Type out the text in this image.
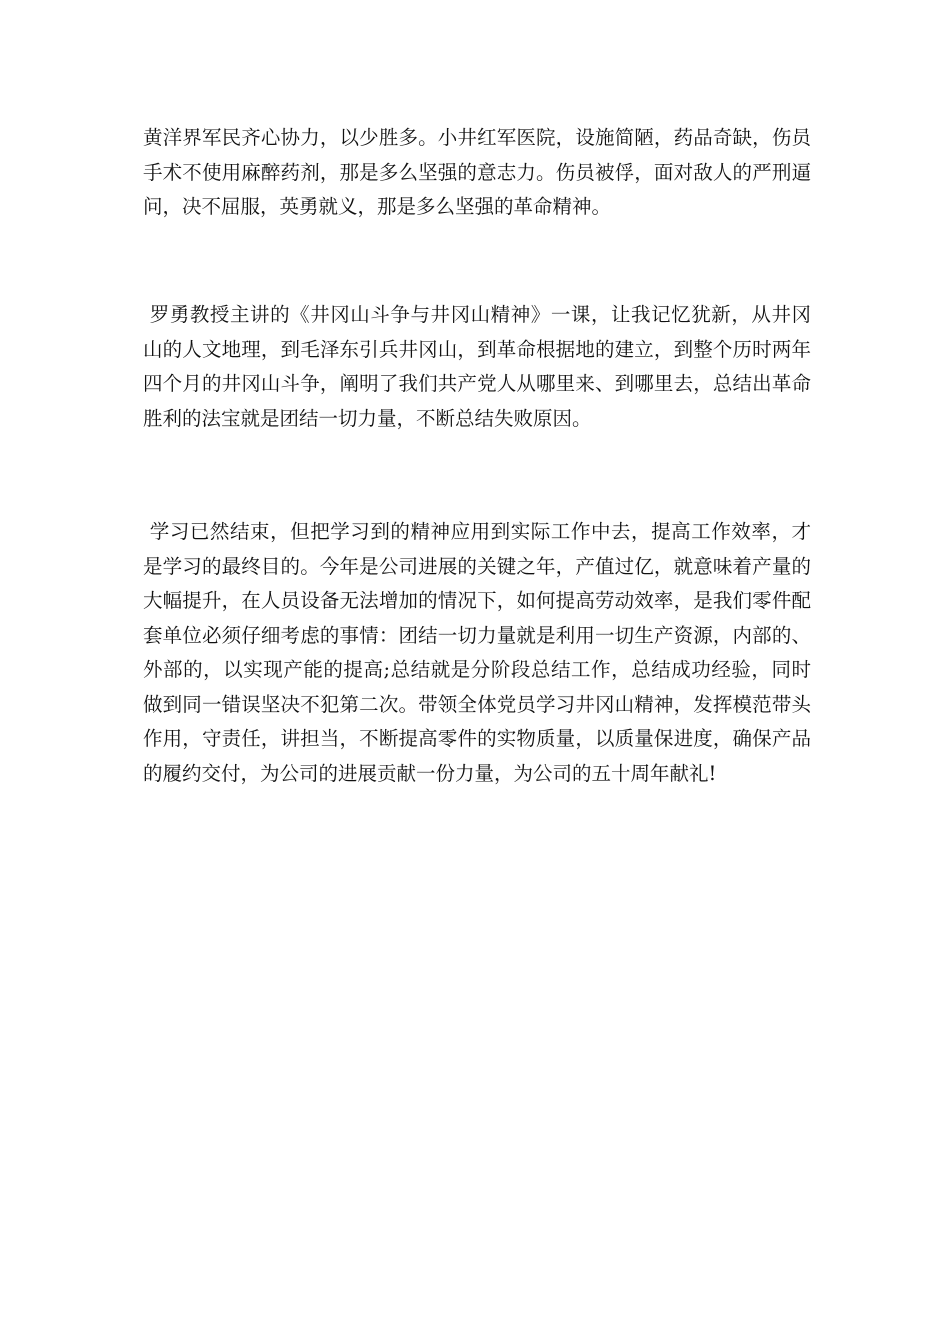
黄洋界军民齐心协力，以少胜多。小井红军医院，设施简陋，药品奇缺，伤员手术不使用麻醉药剂，那是多么坚强的意志力。伤员被俘，面对敌人的严刑逼问，决不屈服，英勇就义，那是多么坚强的革命精神。

罗勇教授主讲的《井冈山斗争与井冈山精神》一课，让我记忆犹新，从井冈山的人文地理，到毛泽东引兵井冈山，到革命根据地的建立，到整个历时两年四个月的井冈山斗争，阐明了我们共产党人从哪里来、到哪里去，总结出革命胜利的法宝就是团结一切力量，不断总结失败原因。

学习已然结束，但把学习到的精神应用到实际工作中去，提高工作效率，才是学习的最终目的。今年是公司进展的关键之年，产值过亿，就意味着产量的大幅提升，在人员设备无法增加的情况下，如何提高劳动效率，是我们零件配套单位必须仔细考虑的事情：团结一切力量就是利用一切生产资源，内部的、外部的，以实现产能的提高;总结就是分阶段总结工作，总结成功经验，同时做到同一错误坚决不犯第二次。带领全体党员学习井冈山精神，发挥模范带头作用，守责任，讲担当，不断提高零件的实物质量，以质量保进度，确保产品的履约交付，为公司的进展贡献一份力量，为公司的五十周年献礼!
